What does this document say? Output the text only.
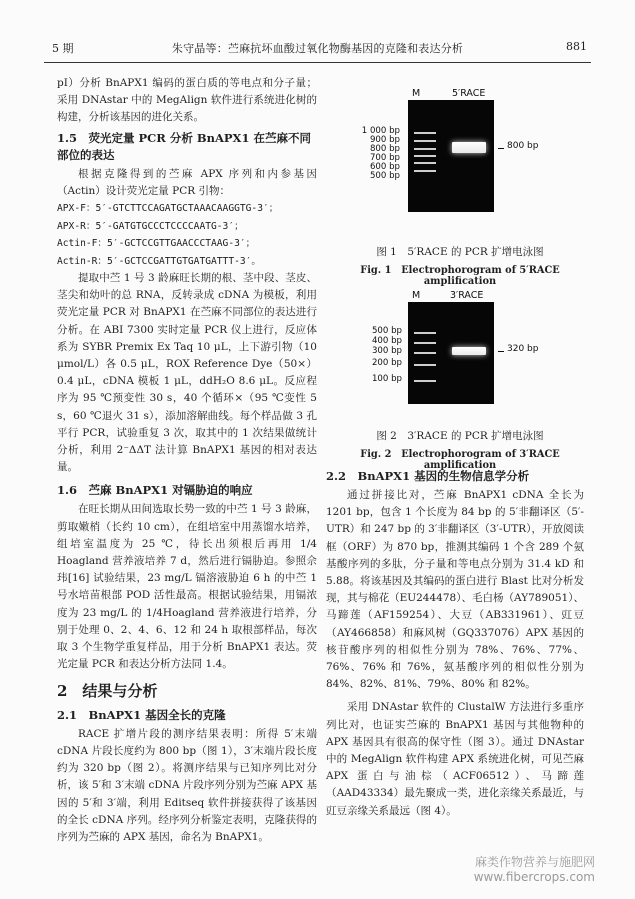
5 期	朱守晶等：苎麻抗坏血酸过氧化物酶基因的克隆和表达分析	881

pI）分析 BnAPX1 编码的蛋白质的等电点和分子量；采用 DNAstar 中的 MegAlign 软件进行系统进化树的构建，分析该基因的进化关系。

1.5　荧光定量 PCR 分析 BnAPX1 在苎麻不同部位的表达

根据克隆得到的苎麻 APX 序列和内参基因（Actin）设计荧光定量 PCR 引物：

APX-F：5′-GTCTTCCAGATGCTAAACAAGGTG-3′；
APX-R：5′-GATGTGCCCTCCCCAATG-3′；
Actin-F：5′-GCTCCGTTGAACCCTAAG-3′；
Actin-R：5′-GCTCCGATTGTGATGATTT-3′。

提取中苎 1 号 3 龄麻旺长期的根、茎中段、茎皮、茎尖和幼叶的总 RNA，反转录成 cDNA 为模板，利用荧光定量 PCR 对 BnAPX1 在苎麻不同部位的表达进行分析。在 ABI 7300 实时定量 PCR 仪上进行，反应体系为 SYBR Premix Ex Taq 10 μL，上下游引物（10 μmol/L）各 0.5 μL，ROX Reference Dye（50×）0.4 μL，cDNA 模板 1 μL，ddH₂O 8.6 μL。反应程序为 95 ℃预变性 30 s，40 个循环×（95 ℃变性 5 s，60 ℃退火 31 s），添加溶解曲线。每个样品做 3 孔平行 PCR，试验重复 3 次，取其中的 1 次结果做统计分析，利用 2⁻ΔΔT 法计算 BnAPX1 基因的相对表达量。

1.6　苎麻 BnAPX1 对镉胁迫的响应

在旺长期从田间选取长势一致的中苎 1 号 3 龄麻，剪取嫩梢（长约 10 cm），在组培室中用蒸馏水培养，组培室温度为 25 ℃，待长出须根后再用 1/4 Hoagland 营养液培养 7 d，然后进行镉胁迫。参照佘玮[16] 试验结果，23 mg/L 镉溶液胁迫 6 h 的中苎 1 号水培苗根部 POD 活性最高。根据试验结果，用镉浓度为 23 mg/L 的 1/4Hoagland 营养液进行培养，分别于处理 0、2、4、6、12 和 24 h 取根部样品，每次取 3 个生物学重复样品，用于分析 BnAPX1 表达。荧光定量 PCR 和表达分析方法同 1.4。

2　结果与分析
2.1　BnAPX1 基因全长的克隆

RACE 扩增片段的测序结果表明：所得 5′末端 cDNA 片段长度约为 800 bp（图 1），3′末端片段长度约为 320 bp（图 2）。将测序结果与已知序列比对分析，该 5′和 3′末端 cDNA 片段序列分别为苎麻 APX 基因的 5′和 3′端，利用 Editseq 软件拼接获得了该基因的全长 cDNA 序列。经序列分析鉴定表明，克隆获得的序列为苎麻的 APX 基因，命名为 BnAPX1。

M	5′RACE
1 000 bp
900 bp
800 bp
700 bp
600 bp
500 bp
800 bp
图 1　5′RACE 的 PCR 扩增电泳图
Fig. 1　Electrophorogram of 5′RACE amplification
M	3′RACE
500 bp
400 bp
300 bp
200 bp
100 bp
320 bp
图 2　3′RACE 的 PCR 扩增电泳图
Fig. 2　Electrophorogram of 3′RACE amplification
2.2　BnAPX1 基因的生物信息学分析

通过拼接比对，苎麻 BnAPX1 cDNA 全长为 1201 bp，包含 1 个长度为 84 bp 的 5′非翻译区（5′-UTR）和 247 bp 的 3′非翻译区（3′-UTR），开放阅读框（ORF）为 870 bp，推测其编码 1 个含 289 个氨基酸序列的多肽，分子量和等电点分别为 31.4 kD 和 5.88。将该基因及其编码的蛋白进行 Blast 比对分析发现，其与棉花（EU244478）、毛白杨（AY789051）、马蹄莲（AF159254）、大豆（AB331961）、豇豆（AY466858）和麻风树（GQ337076）APX 基因的核苷酸序列的相似性分别为 78%、76%、77%、76%、76% 和 76%，氨基酸序列的相似性分别为 84%、82%、81%、79%、80% 和 82%。

采用 DNAstar 软件的 ClustalW 方法进行多重序列比对，也证实苎麻的 BnAPX1 基因与其他物种的 APX 基因具有很高的保守性（图 3）。通过 DNAstar 中的 MegAlign 软件构建 APX 系统进化树，可见苎麻 APX 蛋白与油棕（ACF06512）、马蹄莲（AAD43334）最先聚成一类，进化亲缘关系最近，与豇豆亲缘关系最远（图 4）。

麻类作物营养与施肥网
www.fibercrops.com
